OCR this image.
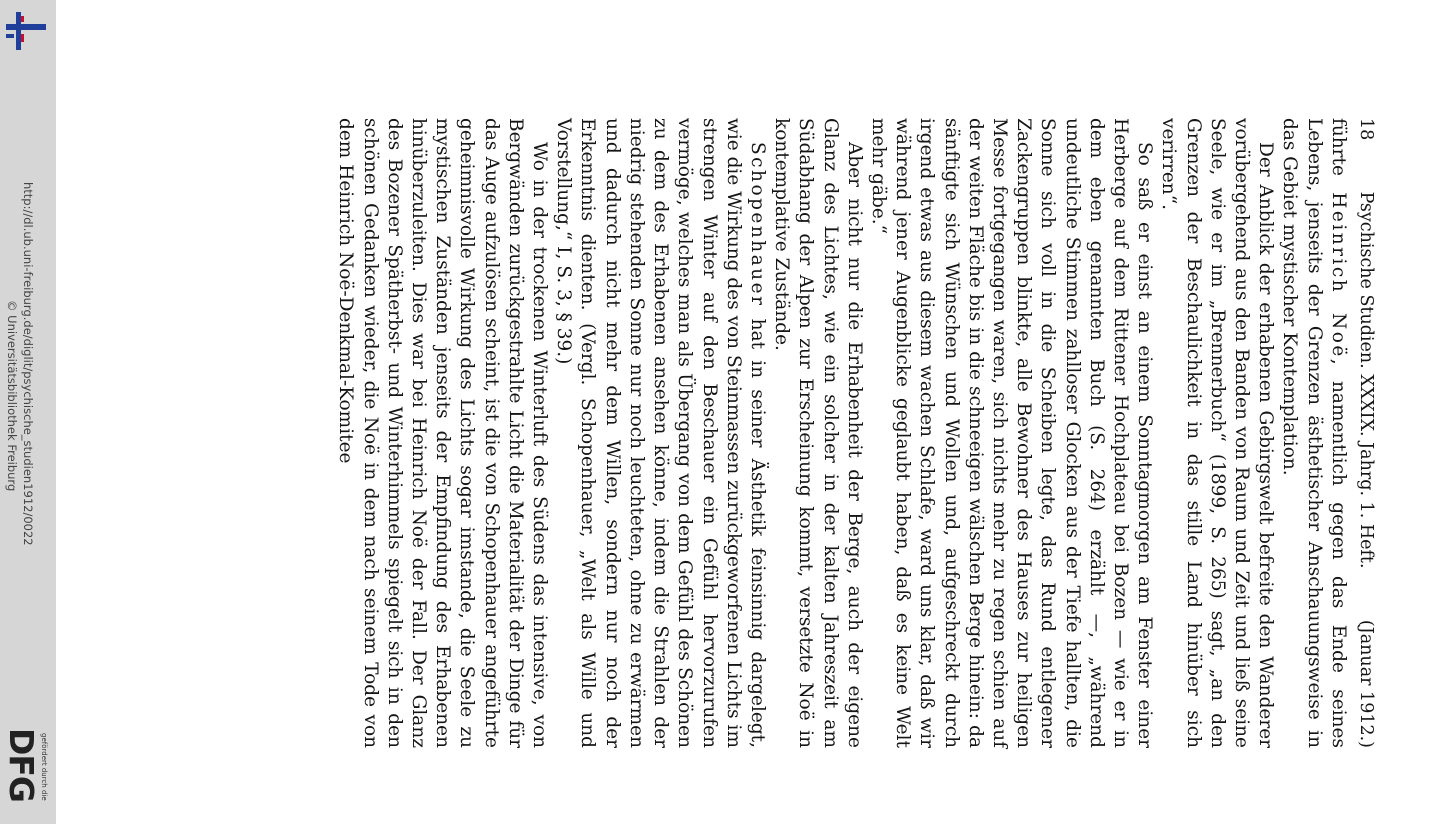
http://dl.ub.uni-freiburg.de/diglit/psychische_studien1912/0022
© Universitätsbibliothek Freiburg
gefördert durch die
DFG
18
Psychische Studien. XXXIX. Jahrg. 1. Heft.
(Januar 1912.)

führte Heinrich Noë, namentlich gegen das Ende seines Lebens, jenseits der Grenzen ästhetischer Anschauungsweise in das Gebiet mystischer Kontemplation.

Der Anblick der erhabenen Gebirgswelt befreite den Wanderer vorübergehend aus den Banden von Raum und Zeit und ließ seine Seele, wie er im „Brennerbuch“ (1899, S. 265) sagt, „an den Grenzen der Beschaulichkeit in das stille Land hinüber sich verirren“.

So saß er einst an einem Sonntagmorgen am Fenster einer Herberge auf dem Rittener Hochplateau bei Bozen — wie er in dem eben genannten Buch (S. 264) erzählt —, „während undeutliche Stimmen zahlloser Glocken aus der Tiefe hallten, die Sonne sich voll in die Scheiben legte, das Rund entlegener Zackengruppen blinkte, alle Bewohner des Hauses zur heiligen Messe fortgegangen waren, sich nichts mehr zu regen schien auf der weiten Fläche bis in die schneeigen wälschen Berge hinein: da sänftigte sich Wünschen und Wollen und, aufgeschreckt durch irgend etwas aus diesem wachen Schlafe, ward uns klar, daß wir während jener Augenblicke geglaubt haben, daß es keine Welt mehr gäbe.“

Aber nicht nur die Erhabenheit der Berge, auch der eigene Glanz des Lichtes, wie ein solcher in der kalten Jahreszeit am Südabhang der Alpen zur Erscheinung kommt, versetzte Noë in kontemplative Zustände.

Schopenhauer hat in seiner Ästhetik feinsinnig dargelegt, wie die Wirkung des von Steinmassen zurückgeworfenen Lichts im strengen Winter auf den Beschauer ein Gefühl hervorzurufen vermöge, welches man als Übergang von dem Gefühl des Schönen zu dem des Erhabenen ansehen könne, indem die Strahlen der niedrig stehenden Sonne nur noch leuchteten, ohne zu erwärmen und dadurch nicht mehr dem Willen, sondern nur noch der Erkenntnis dienten. (Vergl. Schopenhauer, „Welt als Wille und Vorstellung,“ I, S. 3, § 39.)

Wo in der trockenen Winterluft des Südens das intensive, von Bergwänden zurückgestrahlte Licht die Materialität der Dinge für das Auge aufzulösen scheint, ist die von Schopenhauer angeführte geheimnisvolle Wirkung des Lichts sogar imstande, die Seele zu mystischen Zuständen jenseits der Empfindung des Erhabenen hinüberzuleiten. Dies war bei Heinrich Noë der Fall. Der Glanz des Bozener Spätherbst- und Winterhimmels spiegelt sich in den schönen Gedanken wieder, die Noë in dem nach seinem Tode von dem Heinrich Noë-Denkmal-Komitee
